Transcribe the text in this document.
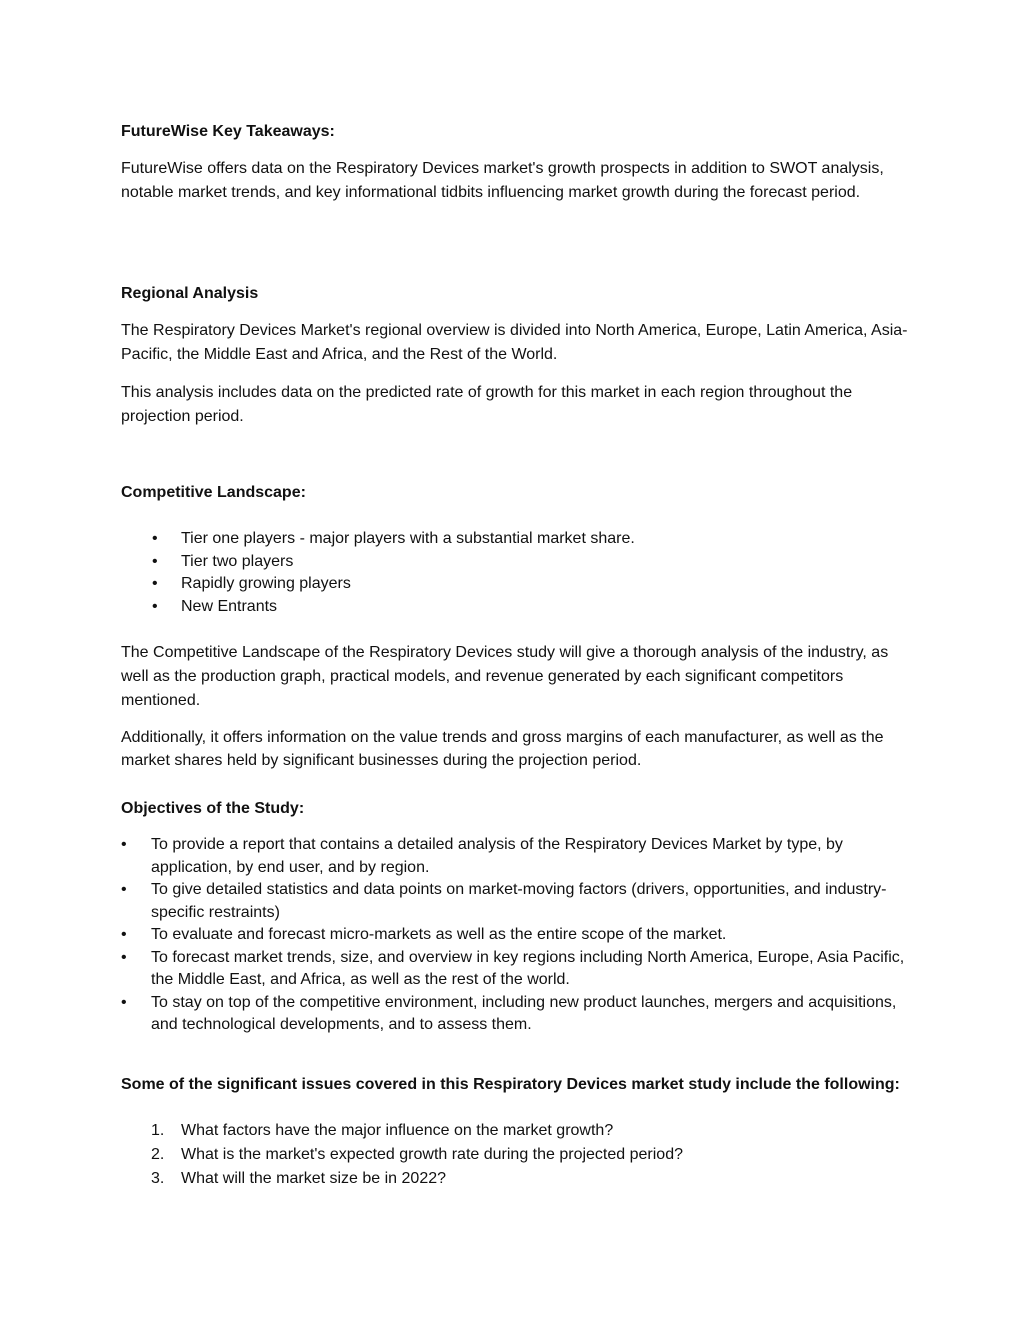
FutureWise Key Takeaways:

FutureWise offers data on the Respiratory Devices market's growth prospects in addition to SWOT analysis, notable market trends, and key informational tidbits influencing market growth during the forecast period.

Regional Analysis

The Respiratory Devices Market's regional overview is divided into North America, Europe, Latin America, Asia-Pacific, the Middle East and Africa, and the Rest of the World.

This analysis includes data on the predicted rate of growth for this market in each region throughout the projection period.

Competitive Landscape:

• Tier one players - major players with a substantial market share.
• Tier two players
• Rapidly growing players
• New Entrants

The Competitive Landscape of the Respiratory Devices study will give a thorough analysis of the industry, as well as the production graph, practical models, and revenue generated by each significant competitors mentioned.

Additionally, it offers information on the value trends and gross margins of each manufacturer, as well as the market shares held by significant businesses during the projection period.

Objectives of the Study:

• To provide a report that contains a detailed analysis of the Respiratory Devices Market by type, by application, by end user, and by region.
• To give detailed statistics and data points on market-moving factors (drivers, opportunities, and industry-specific restraints)
• To evaluate and forecast micro-markets as well as the entire scope of the market.
• To forecast market trends, size, and overview in key regions including North America, Europe, Asia Pacific, the Middle East, and Africa, as well as the rest of the world.
• To stay on top of the competitive environment, including new product launches, mergers and acquisitions, and technological developments, and to assess them.

Some of the significant issues covered in this Respiratory Devices market study include the following:

1. What factors have the major influence on the market growth?
2. What is the market's expected growth rate during the projected period?
3. What will the market size be in 2022?
